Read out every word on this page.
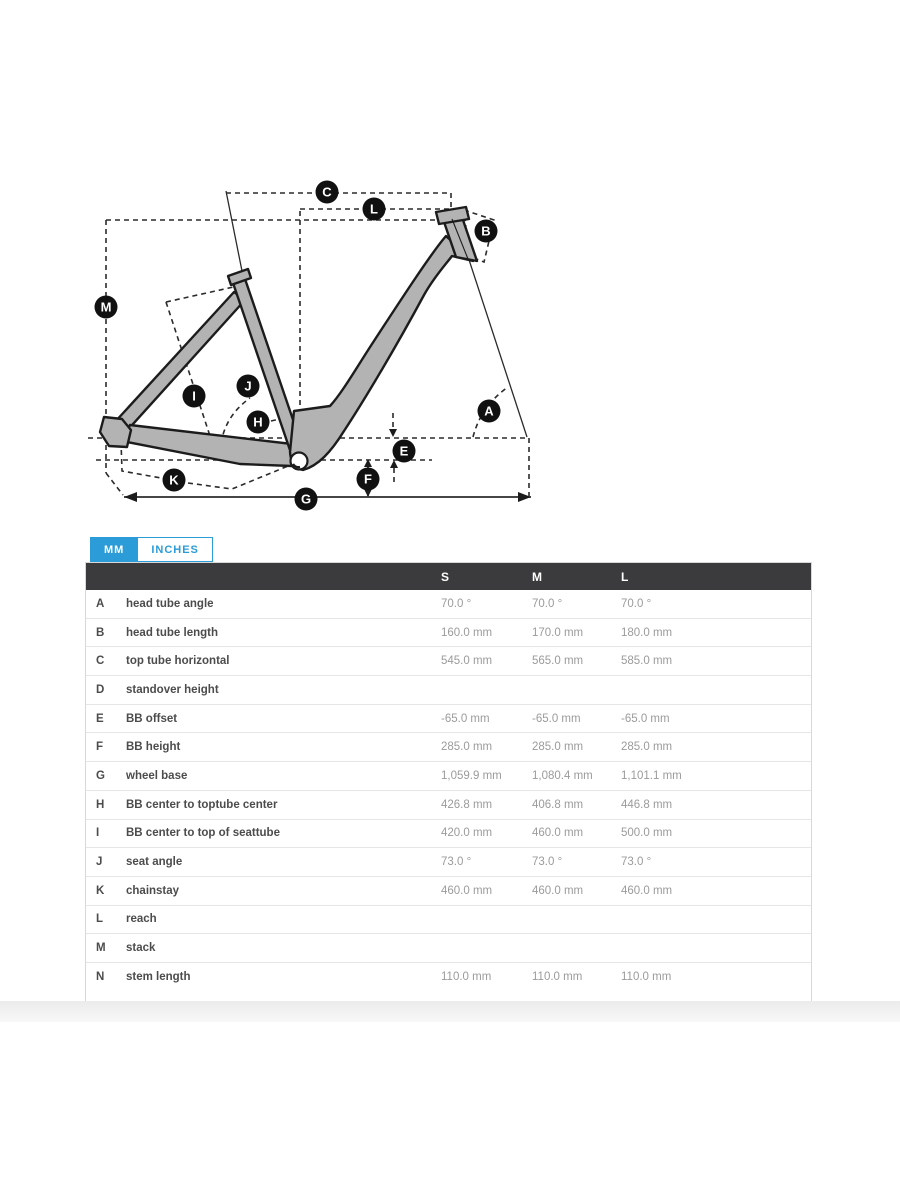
A
B
C
E
F
G
H
I
J
K
L
M
MM	INCHES
S	M	L
A	head tube angle	70.0 °	70.0 °	70.0 °
B	head tube length	160.0 mm	170.0 mm	180.0 mm
C	top tube horizontal	545.0 mm	565.0 mm	585.0 mm
D	standover height
E	BB offset	-65.0 mm	-65.0 mm	-65.0 mm
F	BB height	285.0 mm	285.0 mm	285.0 mm
G	wheel base	1,059.9 mm	1,080.4 mm	1,101.1 mm
H	BB center to toptube center	426.8 mm	406.8 mm	446.8 mm
I	BB center to top of seattube	420.0 mm	460.0 mm	500.0 mm
J	seat angle	73.0 °	73.0 °	73.0 °
K	chainstay	460.0 mm	460.0 mm	460.0 mm
L	reach
M	stack
N	stem length	110.0 mm	110.0 mm	110.0 mm
